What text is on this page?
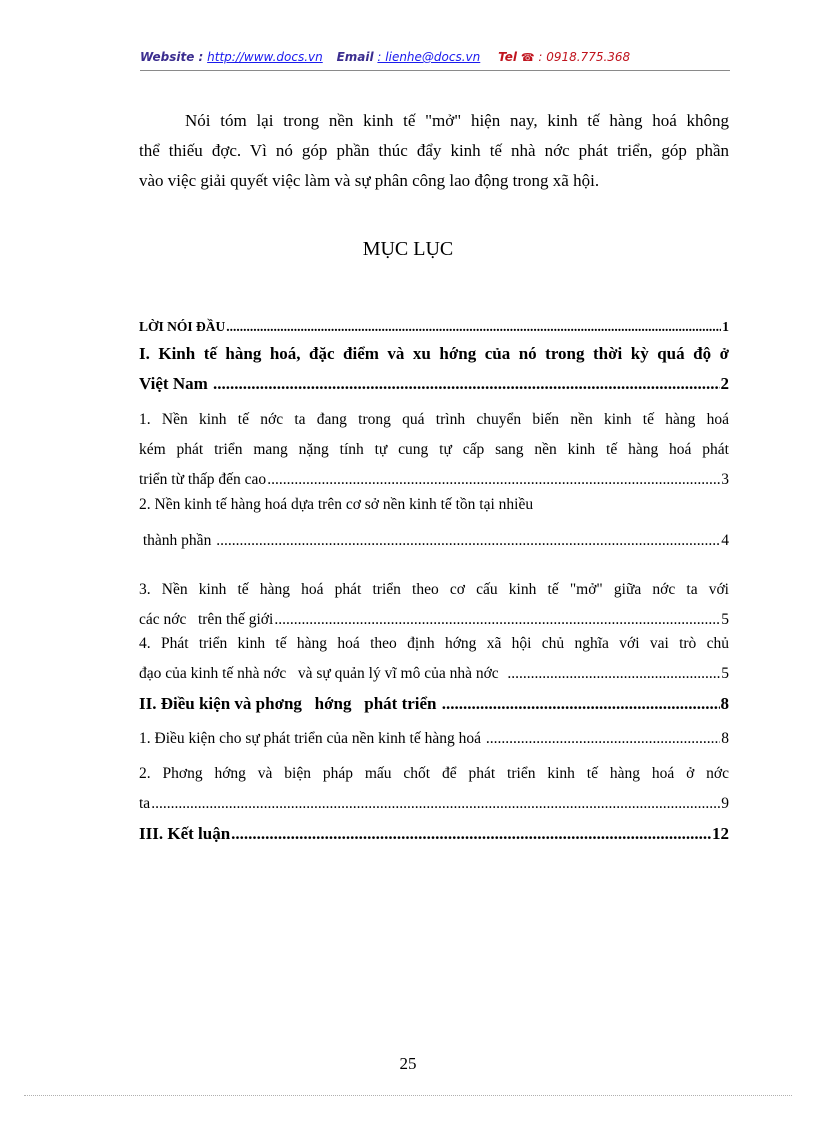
Website : http://www.docs.vn Email : lienhe@docs.vn Tel ☎ : 0918.775.368

Nói tóm lại trong nền kinh tế "mở" hiện nay, kinh tế hàng hoá không
thể thiếu đợc. Vì nó góp phần thúc đẩy kinh tế nhà nớc phát triển, góp phần
vào việc giải quyết việc làm và sự phân công lao động trong xã hội.

MỤC LỤC
LỜI NÓI ĐẦU .....	1
I. Kinh tế hàng hoá, đặc điểm và xu hớng của nó trong thời kỳ quá độ ở
Việt Nam .....	2
1. Nền kinh tế nớc ta đang trong quá trình chuyển biến nền kinh tế hàng hoá
kém phát triển mang nặng tính tự cung tự cấp sang nền kinh tế hàng hoá phát
triển từ thấp đến cao .....	3
2. Nền kinh tế hàng hoá dựa trên cơ sở nền kinh tế tồn tại nhiều
thành phần .....	4
3. Nền kinh tế hàng hoá phát triển theo cơ cấu kinh tế "mở" giữa nớc ta với
các nớc   trên thế giới .....	5
4. Phát triển kinh tế hàng hoá theo định hớng xã hội chủ nghĩa với vai trò chủ
đạo của kinh tế nhà nớc   và sự quản lý vĩ mô của nhà nớc .....	5
II. Điều kiện và phơng   hớng   phát triển .....	8
1. Điều kiện cho sự phát triển của nền kinh tế hàng hoá .....	8
2. Phơng hớng và biện pháp mấu chốt để phát triển kinh tế hàng hoá ở nớc
ta .....	9
III. Kết luận .....	12
25
